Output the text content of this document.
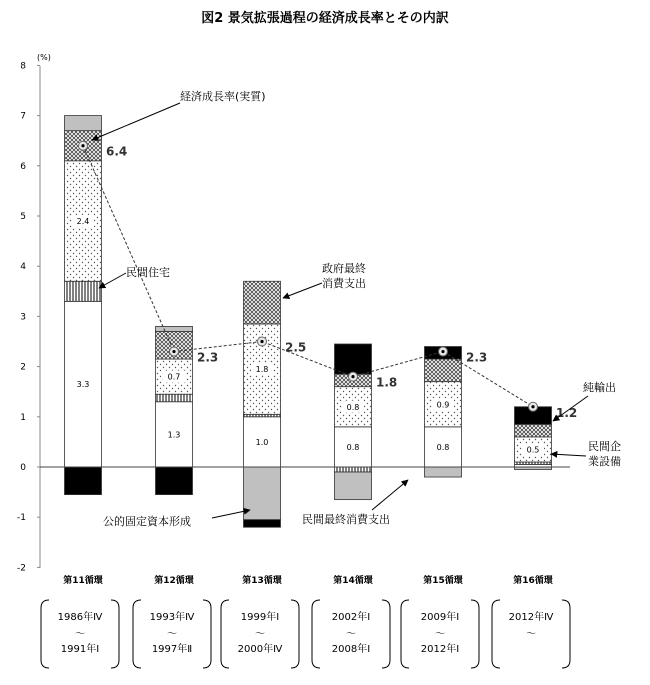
図2 景気拡張過程の経済成長率とその内訳
(%)
-2
-1
0
1
2
3
4
5
6
7
8
3.3
2.4
1.3
0.7
1.0
1.8
0.8
0.8
0.8
0.9
0.5
6.4
2.3
2.5
1.8
2.3
1.2
第11循環	第12循環	第13循環	第14循環	第15循環	第16循環
1986年Ⅳ
〜
1991年Ⅰ
1993年Ⅳ
〜
1997年Ⅱ
1999年Ⅰ
〜
2000年Ⅳ
2002年Ⅰ
〜
2008年Ⅰ
2009年Ⅰ
〜
2012年Ⅰ
2012年Ⅳ
〜
経済成長率(実質)
民間住宅	政府最終
消費支出
純輸出
民間企
業設備
公的固定資本形成	民間最終消費支出
